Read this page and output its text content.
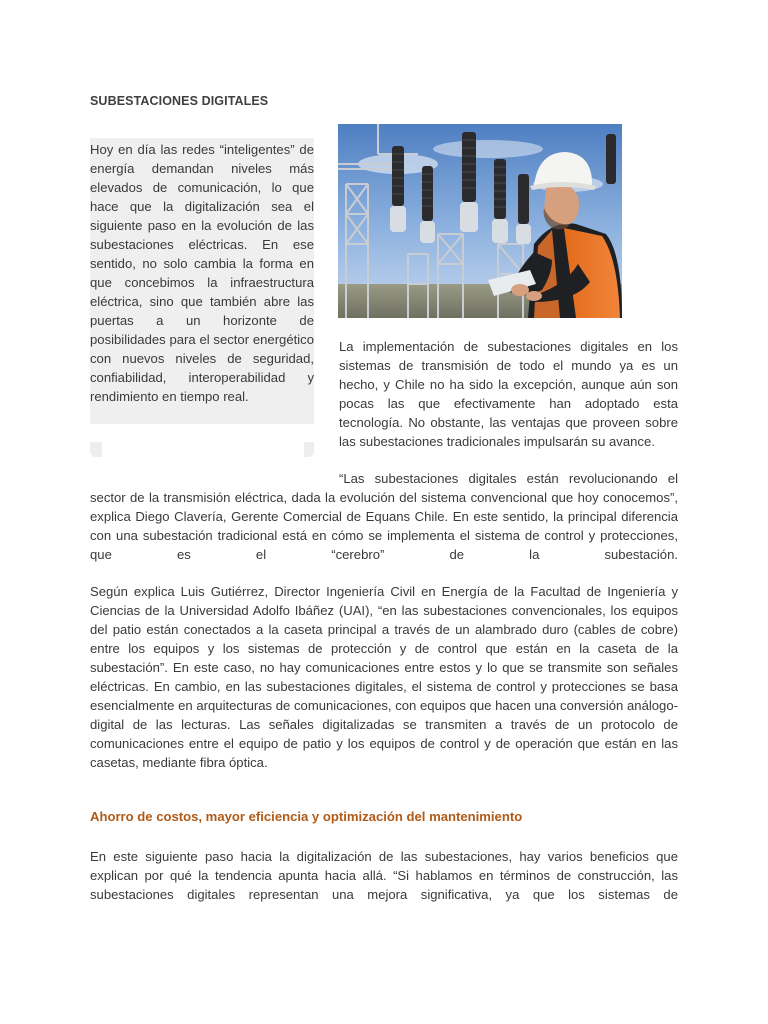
SUBESTACIONES DIGITALES
Hoy en día las redes “inteligentes” de energía demandan niveles más elevados de comunicación, lo que hace que la digitalización sea el siguiente paso en la evolución de las subestaciones eléctricas. En ese sentido, no solo cambia la forma en que concebimos la infraestructura eléctrica, sino que también abre las puertas a un horizonte de posibilidades para el sector energético con nuevos niveles de seguridad, confiabilidad, interoperabilidad y rendimiento en tiempo real.

La implementación de subestaciones digitales en los sistemas de transmisión de todo el mundo ya es un hecho, y Chile no ha sido la excepción, aunque aún son pocas las que efectivamente han adoptado esta tecnología. No obstante, las ventajas que proveen sobre las subestaciones tradicionales impulsarán su avance.

“Las subestaciones digitales están revolucionando el
sector de la transmisión eléctrica, dada la evolución del sistema convencional que hoy conocemos”, explica Diego Clavería, Gerente Comercial de Equans Chile. En este sentido, la principal diferencia con una subestación tradicional está en cómo se implementa el sistema de control y protecciones, que es el “cerebro” de la subestación.

Según explica Luis Gutiérrez, Director Ingeniería Civil en Energía de la Facultad de Ingeniería y Ciencias de la Universidad Adolfo Ibáñez (UAI), “en las subestaciones convencionales, los equipos del patio están conectados a la caseta principal a través de un alambrado duro (cables de cobre) entre los equipos y los sistemas de protección y de control que están en la caseta de la subestación”. En este caso, no hay comunicaciones entre estos y lo que se transmite son señales eléctricas. En cambio, en las subestaciones digitales, el sistema de control y protecciones se basa esencialmente en arquitecturas de comunicaciones, con equipos que hacen una conversión análogo-digital de las lecturas. Las señales digitalizadas se transmiten a través de un protocolo de comunicaciones entre el equipo de patio y los equipos de control y de operación que están en las casetas, mediante fibra óptica.

Ahorro de costos, mayor eficiencia y optimización del mantenimiento

En este siguiente paso hacia la digitalización de las subestaciones, hay varios beneficios que explican por qué la tendencia apunta hacia allá. “Si hablamos en términos de construcción, las subestaciones digitales representan una mejora significativa, ya que los sistemas de
